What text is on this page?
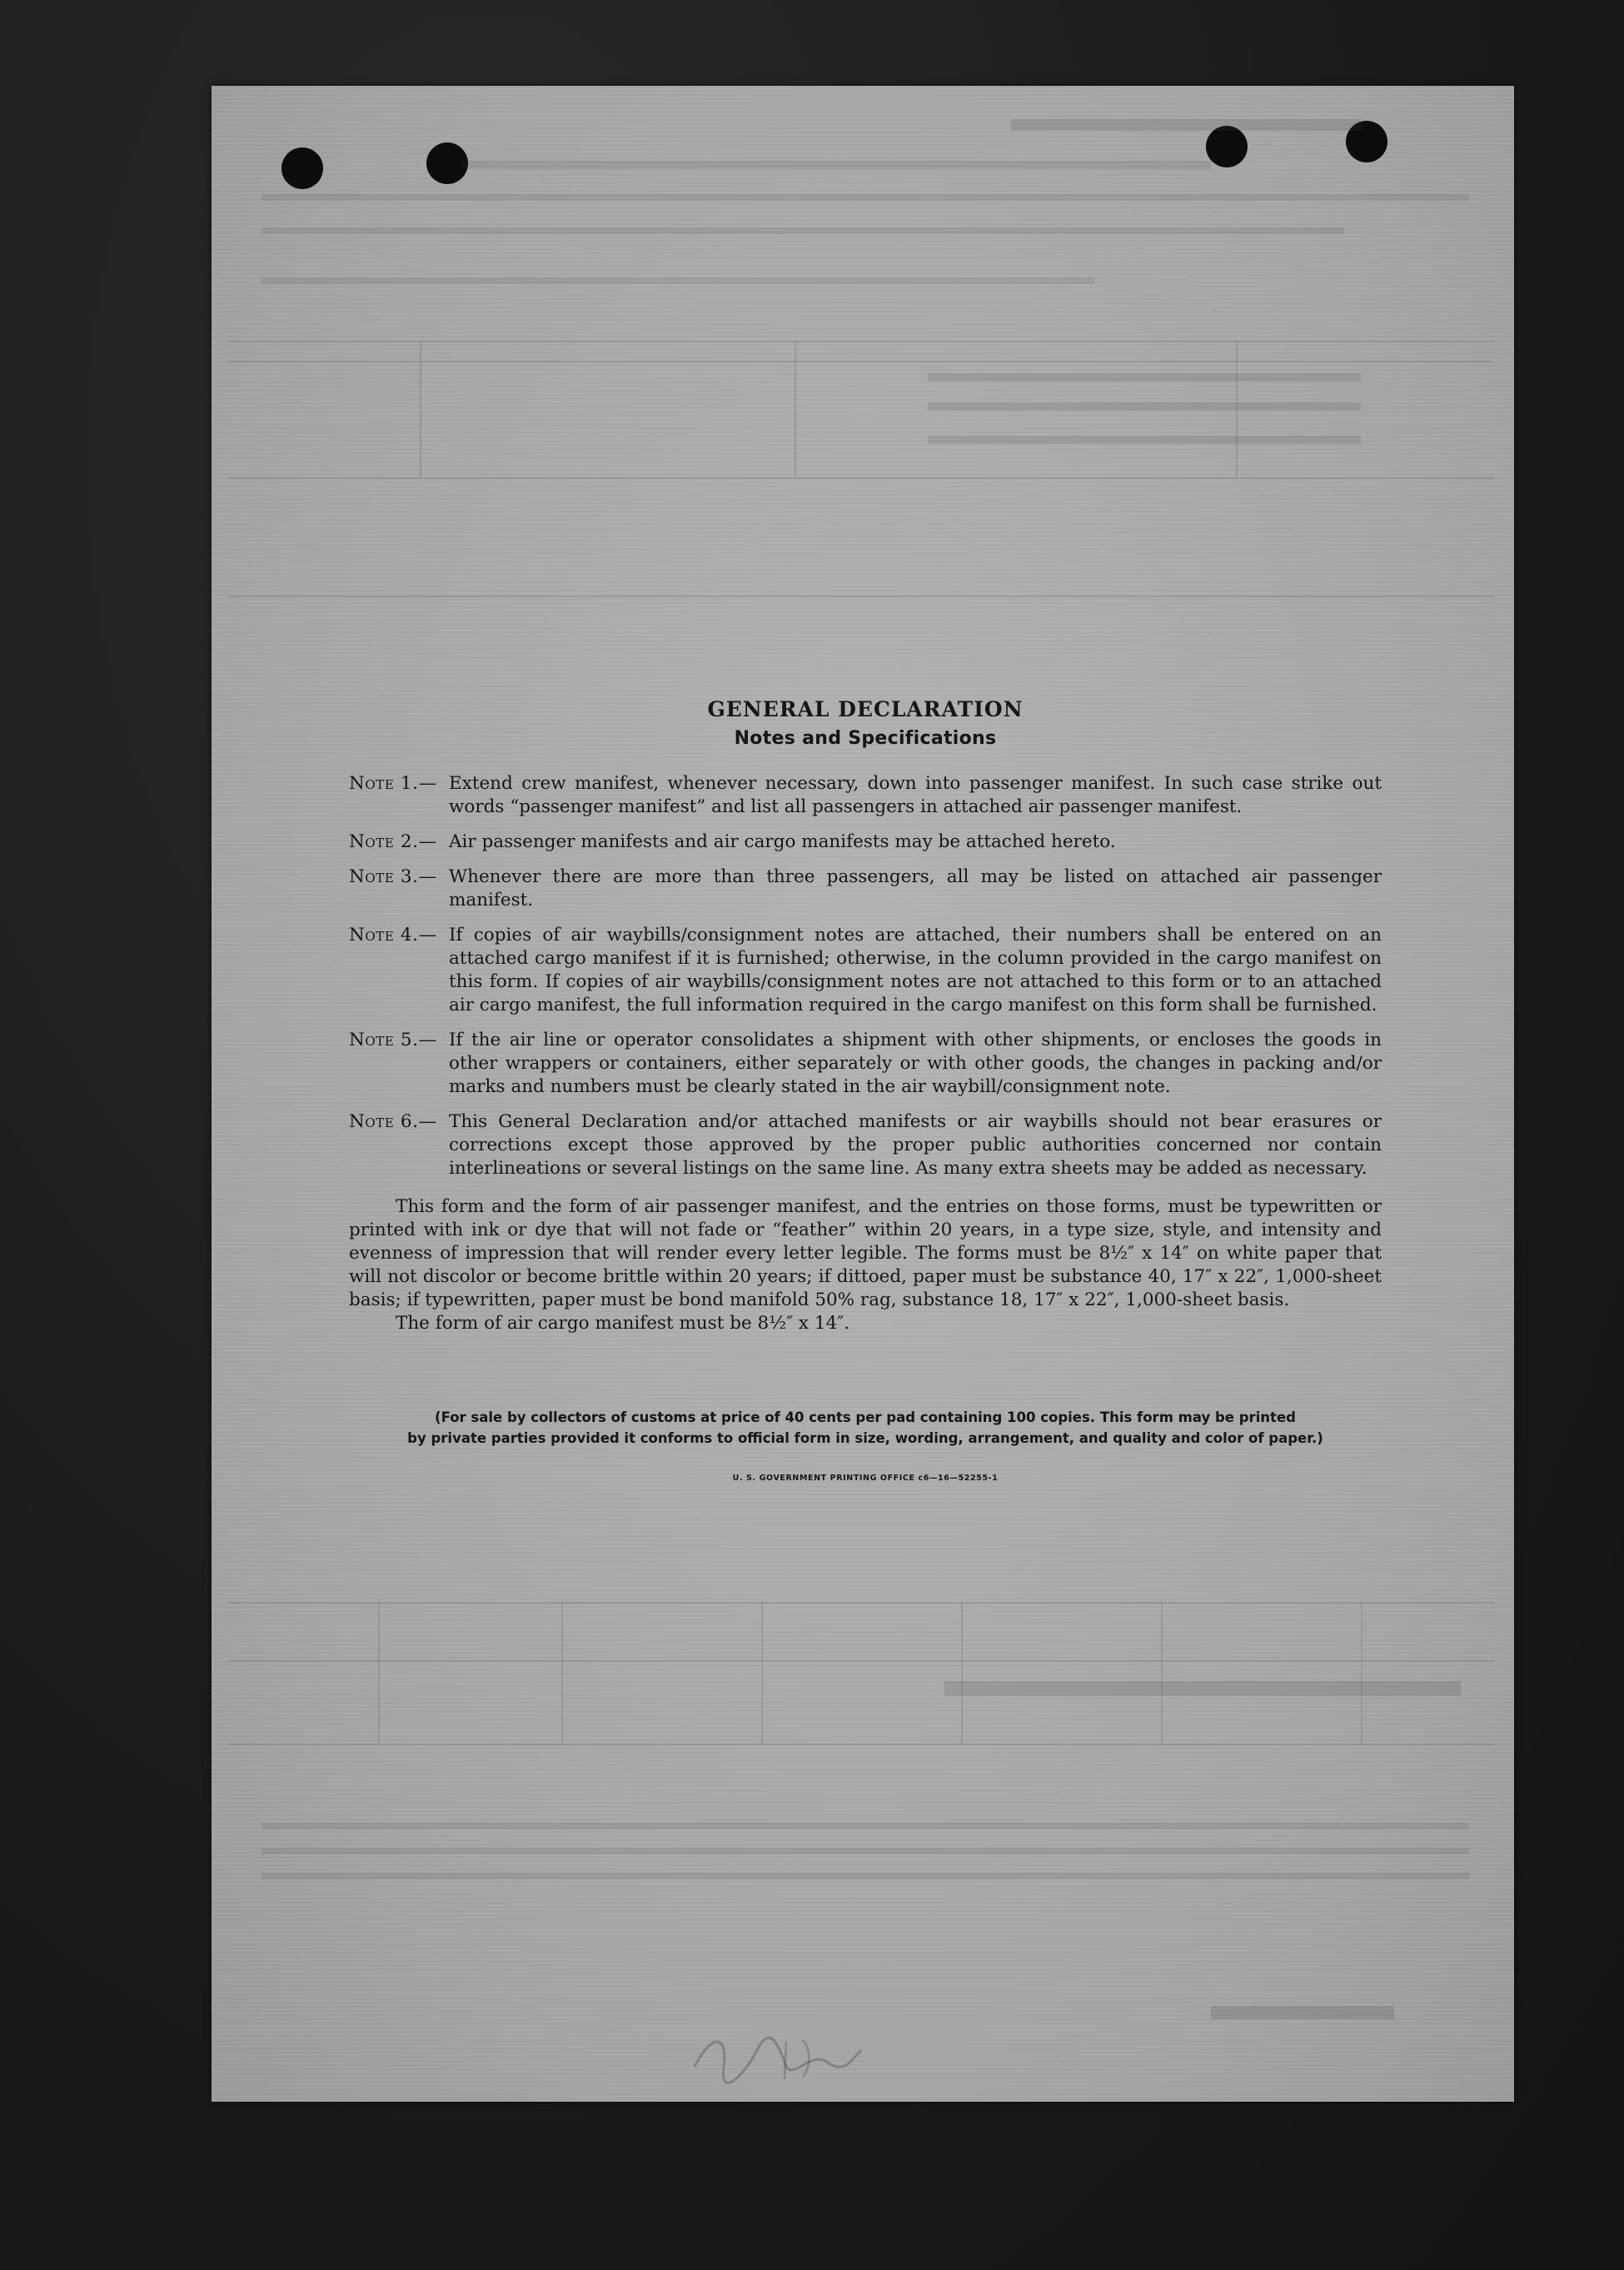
GENERAL DECLARATION
Notes and Specifications
Note 1.— Extend crew manifest, whenever necessary, down into passenger manifest. In such case strike out words “passenger manifest” and list all passengers in attached air passenger manifest.
Note 2.— Air passenger manifests and air cargo manifests may be attached hereto.
Note 3.— Whenever there are more than three passengers, all may be listed on attached air passenger manifest.
Note 4.— If copies of air waybills/consignment notes are attached, their numbers shall be entered on an attached cargo manifest if it is furnished; otherwise, in the column provided in the cargo manifest on this form. If copies of air waybills/consignment notes are not attached to this form or to an attached air cargo manifest, the full information required in the cargo manifest on this form shall be furnished.
Note 5.— If the air line or operator consolidates a shipment with other shipments, or encloses the goods in other wrappers or containers, either separately or with other goods, the changes in packing and/or marks and numbers must be clearly stated in the air waybill/consignment note.
Note 6.— This General Declaration and/or attached manifests or air waybills should not bear erasures or corrections except those approved by the proper public authorities concerned nor contain interlineations or several listings on the same line. As many extra sheets may be added as necessary.
This form and the form of air passenger manifest, and the entries on those forms, must be typewritten or printed with ink or dye that will not fade or “feather” within 20 years, in a type size, style, and intensity and evenness of impression that will render every letter legible. The forms must be 8½″ x 14″ on white paper that will not discolor or become brittle within 20 years; if dittoed, paper must be substance 40, 17″ x 22″, 1,000-sheet basis; if typewritten, paper must be bond manifold 50% rag, substance 18, 17″ x 22″, 1,000-sheet basis.
The form of air cargo manifest must be 8½″ x 14″.
(For sale by collectors of customs at price of 40 cents per pad containing 100 copies. This form may be printed
by private parties provided it conforms to official form in size, wording, arrangement, and quality and color of paper.)
U. S. GOVERNMENT PRINTING OFFICE c6—16—52255-1
